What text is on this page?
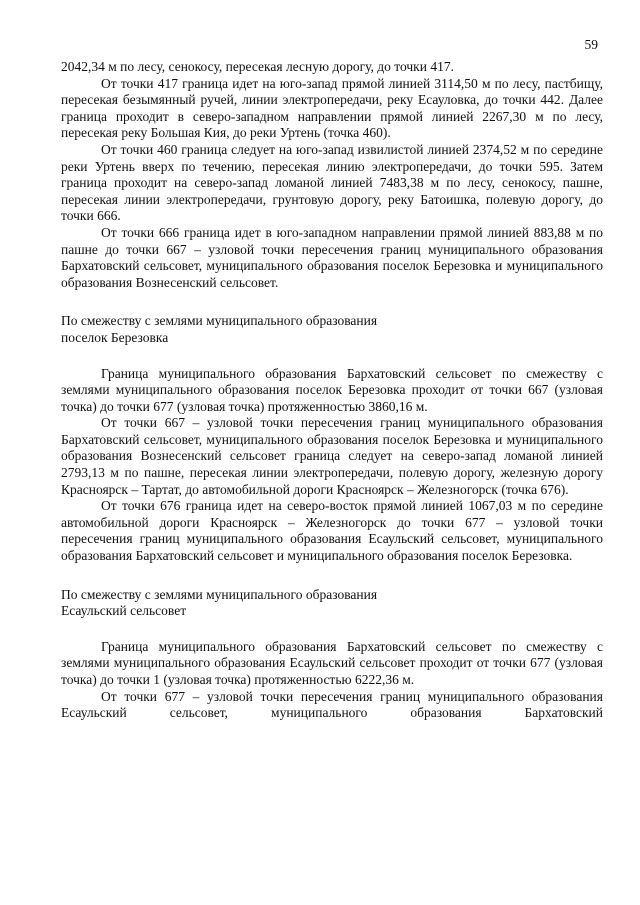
59

2042,34 м по лесу, сенокосу, пересекая лесную дорогу, до точки 417.

От точки 417 граница идет на юго-запад прямой линией 3114,50 м по лесу, пастбищу, пересекая безымянный ручей, линии электропередачи, реку Есауловка, до точки 442. Далее граница проходит в северо-западном направлении прямой линией 2267,30 м по лесу, пересекая реку Большая Кия, до реки Уртень (точка 460).

От точки 460 граница следует на юго-запад извилистой линией 2374,52 м по середине реки Уртень вверх по течению, пересекая линию электропередачи, до точки 595. Затем граница проходит на северо-запад ломаной линией 7483,38 м по лесу, сенокосу, пашне, пересекая линии электропередачи, грунтовую дорогу, реку Батоишка, полевую дорогу, до точки 666.

От точки 666 граница идет в юго-западном направлении прямой линией 883,88 м по пашне до точки 667 – узловой точки пересечения границ муниципального образования Бархатовский сельсовет, муниципального образования поселок Березовка и муниципального образования Вознесенский сельсовет.

По смежеству с землями муниципального образования

поселок Березовка

Граница муниципального образования Бархатовский сельсовет по смежеству с землями муниципального образования поселок Березовка проходит от точки 667 (узловая точка) до точки 677 (узловая точка) протяженностью 3860,16 м.

От точки 667 – узловой точки пересечения границ муниципального образования Бархатовский сельсовет, муниципального образования поселок Березовка и муниципального образования Вознесенский сельсовет граница следует на северо-запад ломаной линией 2793,13 м по пашне, пересекая линии электропередачи, полевую дорогу, железную дорогу Красноярск – Тартат, до автомобильной дороги Красноярск – Железногорск (точка 676).

От точки 676 граница идет на северо-восток прямой линией 1067,03 м по середине автомобильной дороги Красноярск – Железногорск до точки 677 – узловой точки пересечения границ муниципального образования Есаульский сельсовет, муниципального образования Бархатовский сельсовет и муниципального образования поселок Березовка.

По смежеству с землями муниципального образования

Есаульский сельсовет

Граница муниципального образования Бархатовский сельсовет по смежеству с землями муниципального образования Есаульский сельсовет проходит от точки 677 (узловая точка) до точки 1 (узловая точка) протяженностью 6222,36 м.

От точки 677 – узловой точки пересечения границ муниципального образования Есаульский сельсовет, муниципального образования Бархатовский
